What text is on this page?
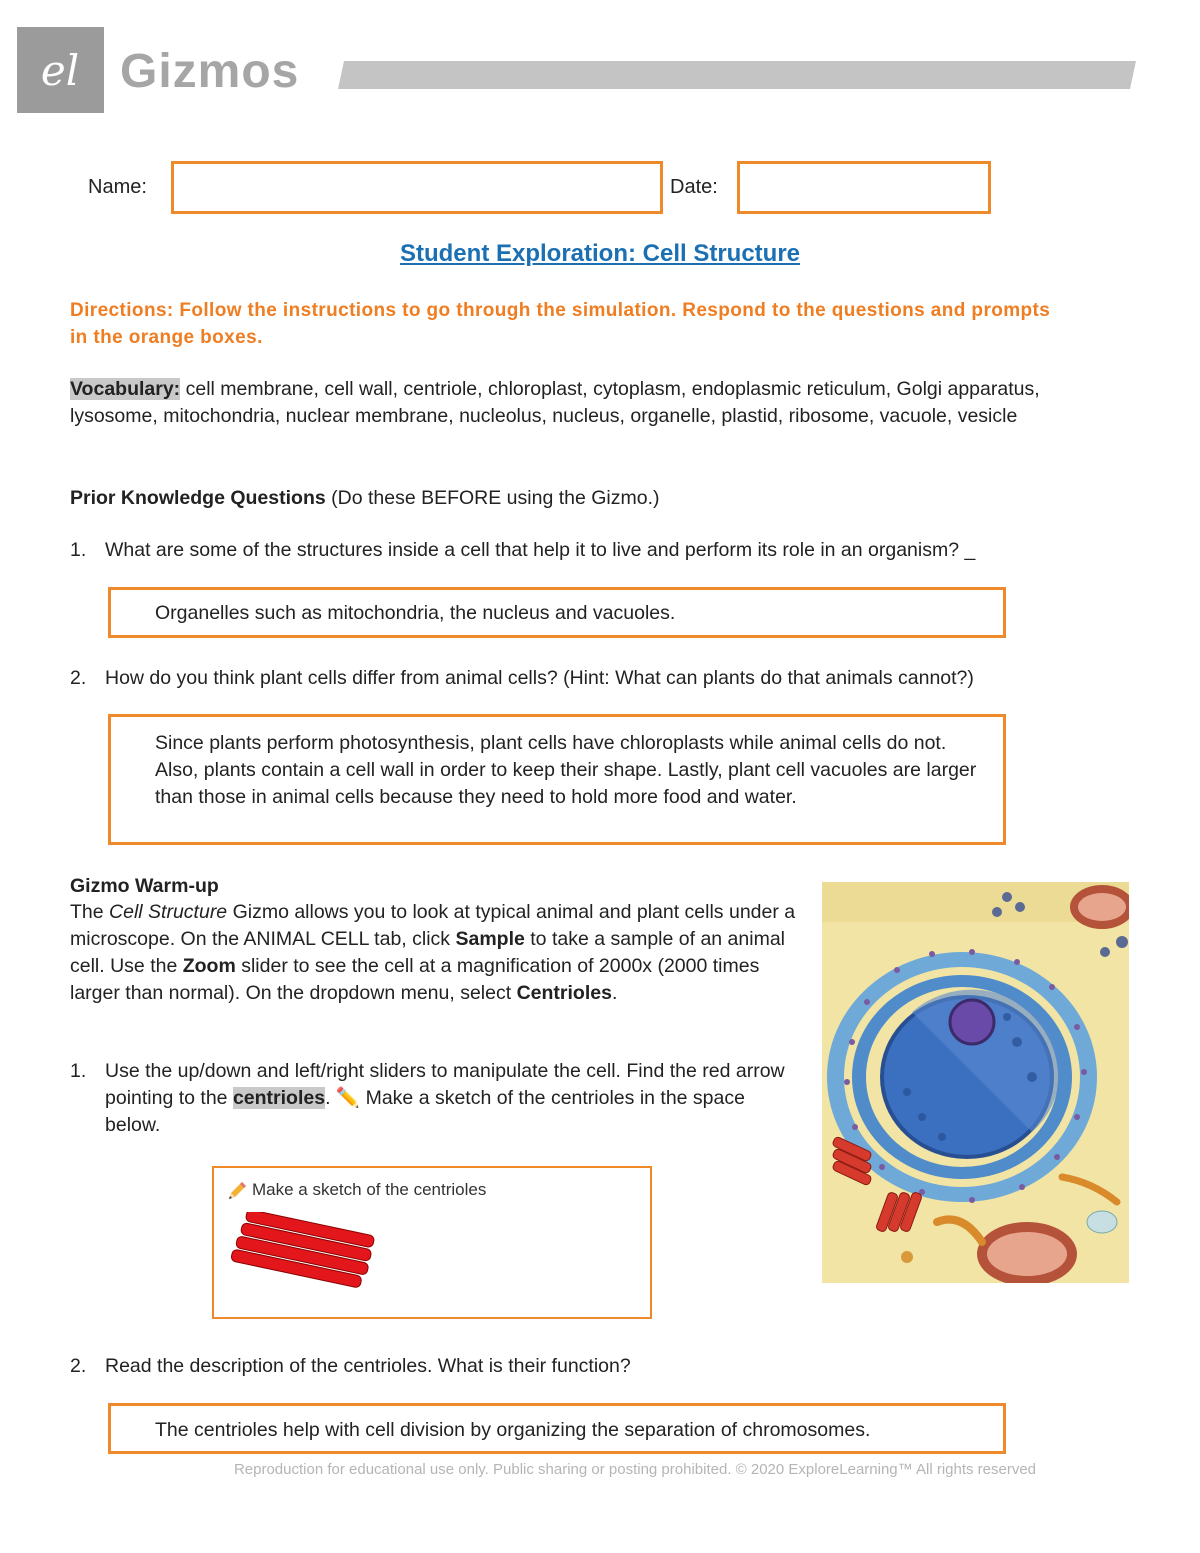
el Gizmos
Name:	Date:
Student Exploration: Cell Structure
Directions: Follow the instructions to go through the simulation. Respond to the questions and prompts in the orange boxes.
Vocabulary: cell membrane, cell wall, centriole, chloroplast, cytoplasm, endoplasmic reticulum, Golgi apparatus, lysosome, mitochondria, nuclear membrane, nucleolus, nucleus, organelle, plastid, ribosome, vacuole, vesicle
Prior Knowledge Questions (Do these BEFORE using the Gizmo.)
1. What are some of the structures inside a cell that help it to live and perform its role in an organism? _
Organelles such as mitochondria, the nucleus and vacuoles.
2. How do you think plant cells differ from animal cells? (Hint: What can plants do that animals cannot?)
Since plants perform photosynthesis, plant cells have chloroplasts while animal cells do not. Also, plants contain a cell wall in order to keep their shape. Lastly, plant cell vacuoles are larger than those in animal cells because they need to hold more food and water.
Gizmo Warm-up
The Cell Structure Gizmo allows you to look at typical animal and plant cells under a microscope. On the ANIMAL CELL tab, click Sample to take a sample of an animal cell. Use the Zoom slider to see the cell at a magnification of 2000x (2000 times larger than normal). On the dropdown menu, select Centrioles.
1. Use the up/down and left/right sliders to manipulate the cell. Find the red arrow pointing to the centrioles. ✏️ Make a sketch of the centrioles in the space below.
Make a sketch of the centrioles
2. Read the description of the centrioles. What is their function?
The centrioles help with cell division by organizing the separation of chromosomes.
Reproduction for educational use only. Public sharing or posting prohibited. © 2020 ExploreLearning™ All rights reserved
